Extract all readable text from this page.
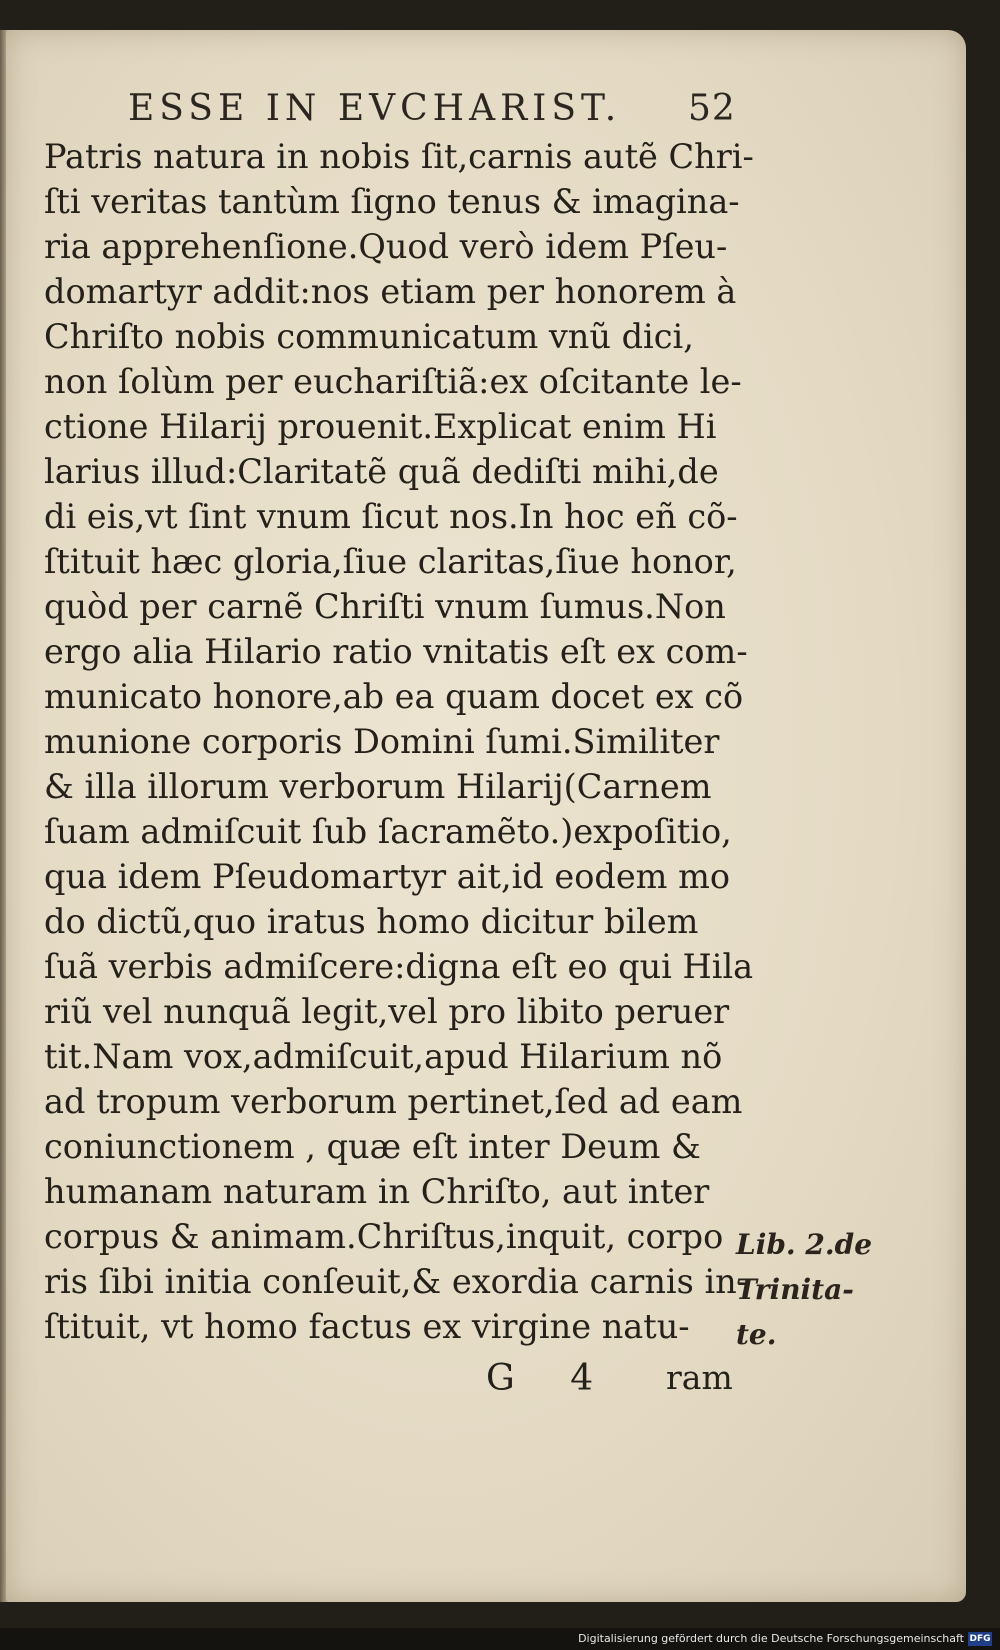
ESSE IN EVCHARIST. 52
Patris natura in nobis ſit,carnis autẽ Chri-
ſti veritas tantùm ſigno tenus & imagina-
ria apprehenſione.Quod verò idem Pſeu-
domartyr addit:nos etiam per honorem à
Chriſto nobis communicatum vnũ dici,
non ſolùm per euchariſtiã:ex oſcitante le-
ctione Hilarij prouenit.Explicat enim Hi
larius illud:Claritatẽ quã dediſti mihi,de
di eis,vt ſint vnum ſicut nos.In hoc eñ cõ-
ſtituit hæc gloria,ſiue claritas,ſiue honor,
quòd per carnẽ Chriſti vnum ſumus.Non
ergo alia Hilario ratio vnitatis eſt ex com-
municato honore,ab ea quam docet ex cõ
munione corporis Domini ſumi.Similiter
& illa illorum verborum Hilarij(Carnem
ſuam admiſcuit ſub ſacramẽto.)expoſitio,
qua idem Pſeudomartyr ait,id eodem mo
do dictũ,quo iratus homo dicitur bilem
ſuã verbis admiſcere:digna eſt eo qui Hila
riũ vel nunquã legit,vel pro libito peruer
tit.Nam vox,admiſcuit,apud Hilarium nõ
ad tropum verborum pertinet,ſed ad eam
coniunctionem , quæ eſt inter Deum &
humanam naturam in Chriſto, aut inter
corpus & animam.Chriſtus,inquit, corpo
ris ſibi initia conſeuit,& exordia carnis in-
ſtituit, vt homo factus ex virgine natu-
Lib. 2.de
Trinita-
te.
G 4 ram
Digitalisierung gefördert durch die Deutsche Forschungsgemeinschaft DFG
